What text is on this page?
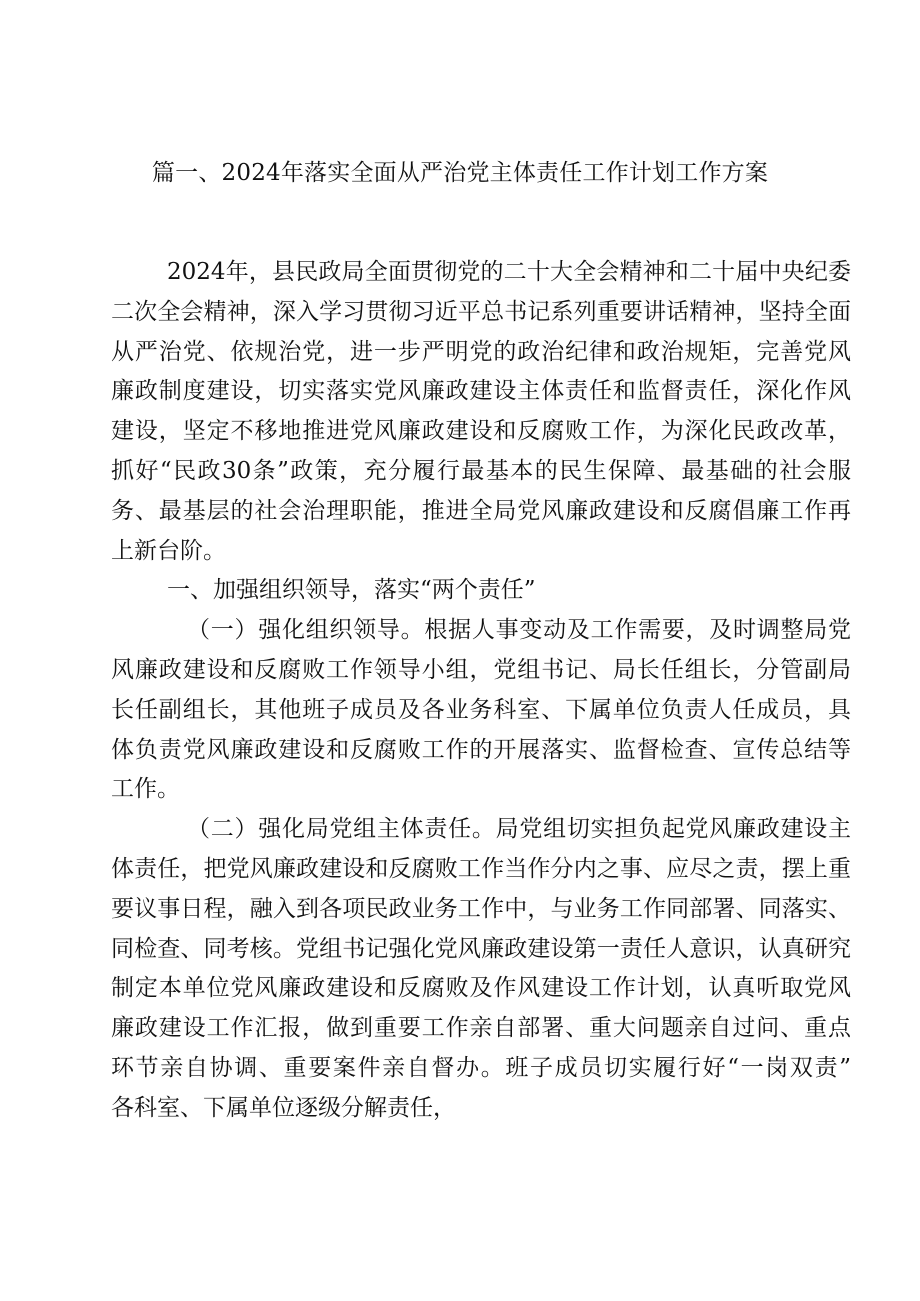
篇一、2024年落实全面从严治党主体责任工作计划工作方案
2024年，县民政局全面贯彻党的二十大全会精神和二十届中央纪委
二次全会精神，深入学习贯彻习近平总书记系列重要讲话精神，坚持全面
从严治党、依规治党，进一步严明党的政治纪律和政治规矩，完善党风
廉政制度建设，切实落实党风廉政建设主体责任和监督责任，深化作风
建设，坚定不移地推进党风廉政建设和反腐败工作，为深化民政改革，
抓好“民政30条”政策，充分履行最基本的民生保障、最基础的社会服
务、最基层的社会治理职能，推进全局党风廉政建设和反腐倡廉工作再
上新台阶。
一、加强组织领导，落实“两个责任”
（一）强化组织领导。根据人事变动及工作需要，及时调整局党
风廉政建设和反腐败工作领导小组，党组书记、局长任组长，分管副局
长任副组长，其他班子成员及各业务科室、下属单位负责人任成员，具
体负责党风廉政建设和反腐败工作的开展落实、监督检查、宣传总结等
工作。
（二）强化局党组主体责任。局党组切实担负起党风廉政建设主
体责任，把党风廉政建设和反腐败工作当作分内之事、应尽之责，摆上重
要议事日程，融入到各项民政业务工作中，与业务工作同部署、同落实、
同检查、同考核。党组书记强化党风廉政建设第一责任人意识，认真研究
制定本单位党风廉政建设和反腐败及作风建设工作计划，认真听取党风
廉政建设工作汇报，做到重要工作亲自部署、重大问题亲自过问、重点
环节亲自协调、重要案件亲自督办。班子成员切实履行好“一岗双责”
各科室、下属单位逐级分解责任，
